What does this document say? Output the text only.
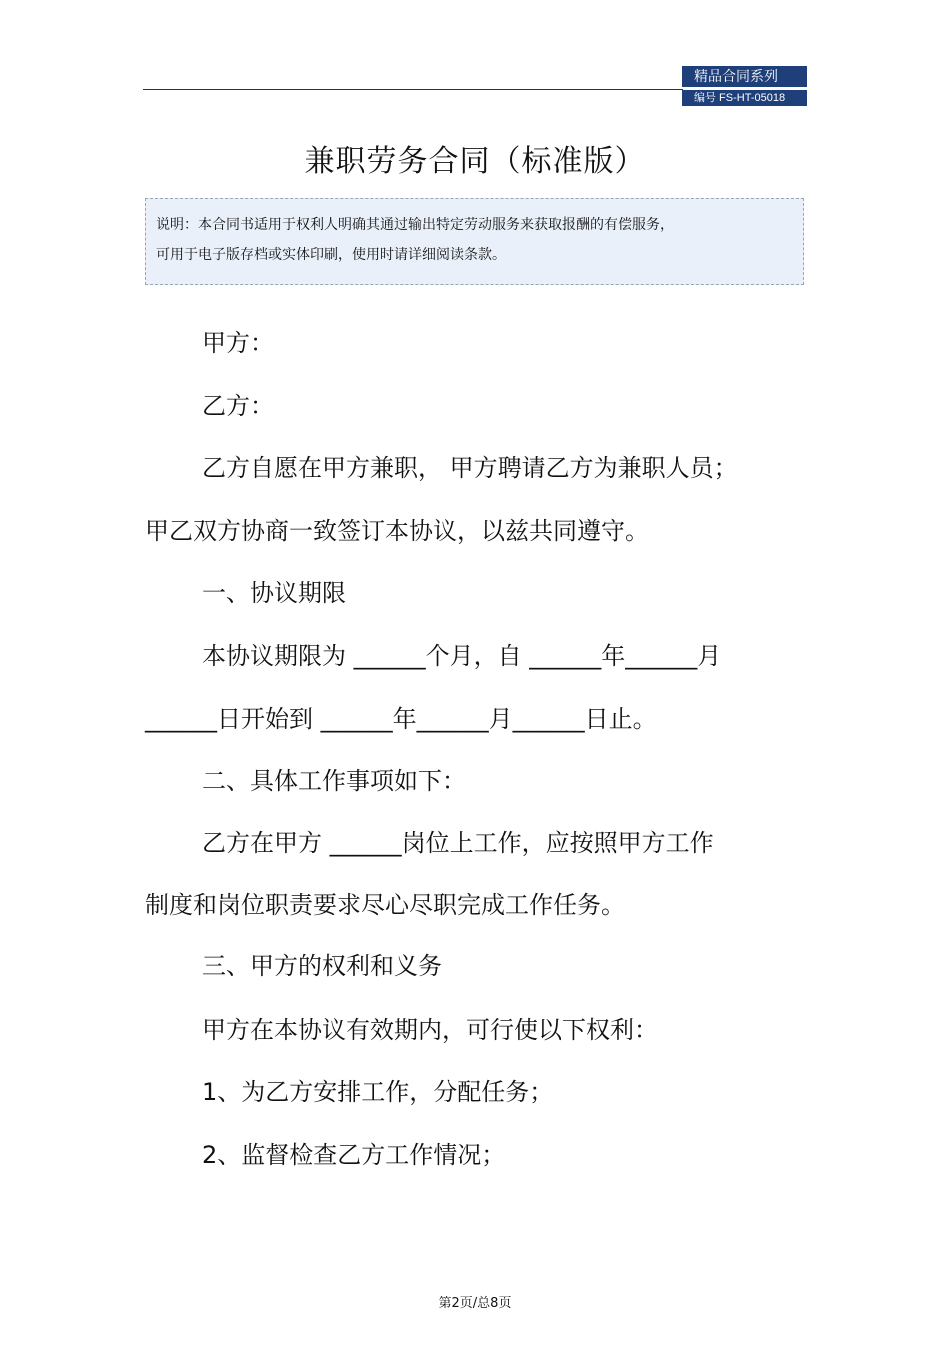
精品合同系列
编号 FS-HT-05018
兼职劳务合同（标准版）
说明：本合同书适用于权利人明确其通过输出特定劳动服务来获取报酬的有偿服务，
可用于电子版存档或实体印刷，使用时请详细阅读条款。
甲方：
乙方：
乙方自愿在甲方兼职， 甲方聘请乙方为兼职人员；
甲乙双方协商一致签订本协议，以兹共同遵守。
一、协议期限
本协议期限为 ______个月，自 ______年______月
______日开始到 ______年______月______日止。
二、具体工作事项如下：
乙方在甲方 ______岗位上工作，应按照甲方工作
制度和岗位职责要求尽心尽职完成工作任务。
三、甲方的权利和义务
甲方在本协议有效期内，可行使以下权利：
1、为乙方安排工作，分配任务；
2、监督检查乙方工作情况；
第2页/总8页
